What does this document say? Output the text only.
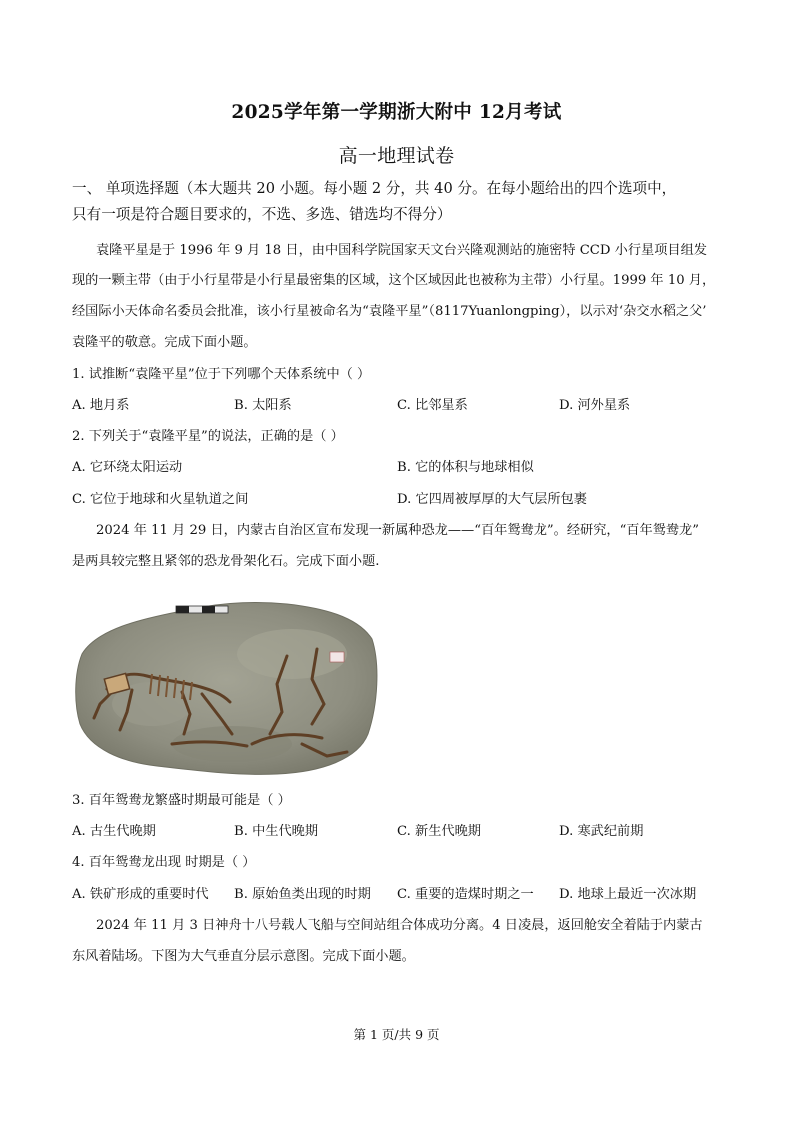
2025学年第一学期浙大附中 12月考试
高一地理试卷
一、 单项选择题（本大题共 20 小题。每小题 2 分，共 40 分。在每小题给出的四个选项中，
只有一项是符合题目要求的，不选、多选、错选均不得分）
袁隆平星是于 1996 年 9 月 18 日，由中国科学院国家天文台兴隆观测站的施密特 CCD 小行星项目组发
现的一颗主带（由于小行星带是小行星最密集的区域，这个区域因此也被称为主带）小行星。1999 年 10 月，
经国际小天体命名委员会批准，该小行星被命名为“袁隆平星”（8117Yuanlongping），以示对‘杂交水稻之父’
袁隆平的敬意。完成下面小题。
1. 试推断“袁隆平星”位于下列哪个天体系统中（ ）
A. 地月系	B. 太阳系	C. 比邻星系	D. 河外星系
2. 下列关于“袁隆平星”的说法，正确的是（ ）
A. 它环绕太阳运动	B. 它的体积与地球相似
C. 它位于地球和火星轨道之间	D. 它四周被厚厚的大气层所包裹
2024 年 11 月 29 日，内蒙古自治区宣布发现一新属种恐龙——“百年鸳鸯龙”。经研究，“百年鸳鸯龙”
是两具较完整且紧邻的恐龙骨架化石。完成下面小题.
3. 百年鸳鸯龙繁盛时期最可能是（ ）
A. 古生代晚期	B. 中生代晚期	C. 新生代晚期	D. 寒武纪前期
4. 百年鸳鸯龙出现 时期是（ ）
A. 铁矿形成的重要时代 B. 原始鱼类出现的时期 C. 重要的造煤时期之一 D. 地球上最近一次冰期
2024 年 11 月 3 日神舟十八号载人飞船与空间站组合体成功分离。4 日凌晨，返回舱安全着陆于内蒙古
东风着陆场。下图为大气垂直分层示意图。完成下面小题。
第 1 页/共 9 页
